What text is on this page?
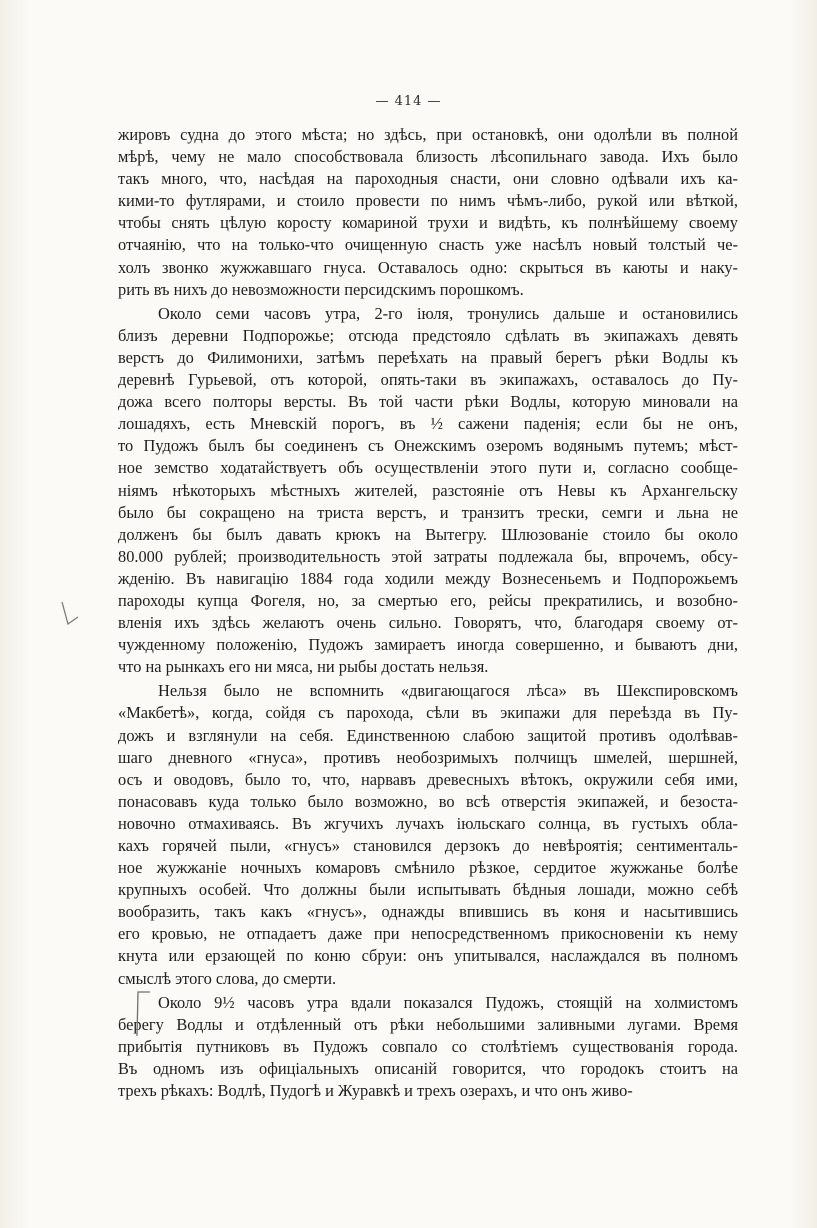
— 414 —
жировъ судна до этого мѣста; но здѣсь, при остановкѣ, они одолѣли въ полной
мѣрѣ, чему не мало способствовала близость лѣсопильнаго завода. Ихъ было
такъ много, что, насѣдая на пароходныя снасти, они словно одѣвали ихъ ка-
кими-то футлярами, и стоило провести по нимъ чѣмъ-либо, рукой или вѣткой,
чтобы снять цѣлую коросту комариной трухи и видѣть, къ полнѣйшему своему
отчаянію, что на только-что очищенную снасть уже насѣлъ новый толстый че-
холъ звонко жужжавшаго гнуса. Оставалось одно: скрыться въ каюты и наку-
рить въ нихъ до невозможности персидскимъ порошкомъ.
Около семи часовъ утра, 2-го іюля, тронулись дальше и остановились
близъ деревни Подпорожье; отсюда предстояло сдѣлать въ экипажахъ девять
верстъ до Филимонихи, затѣмъ переѣхать на правый берегъ рѣки Водлы къ
деревнѣ Гурьевой, отъ которой, опять-таки въ экипажахъ, оставалось до Пу-
дожа всего полторы версты. Въ той части рѣки Водлы, которую миновали на
лошадяхъ, есть Мневскій порогъ, въ ½ сажени паденія; если бы не онъ,
то Пудожъ былъ бы соединенъ съ Онежскимъ озеромъ водянымъ путемъ; мѣст-
ное земство ходатайствуетъ объ осуществленіи этого пути и, согласно сообще-
ніямъ нѣкоторыхъ мѣстныхъ жителей, разстояніе отъ Невы къ Архангельску
было бы сокращено на триста верстъ, и транзитъ трески, семги и льна не
долженъ бы былъ давать крюкъ на Вытегру. Шлюзованіе стоило бы около
80.000 рублей; производительность этой затраты подлежала бы, впрочемъ, обсу-
жденію. Въ навигацію 1884 года ходили между Вознесеньемъ и Подпорожьемъ
пароходы купца Фогеля, но, за смертью его, рейсы прекратились, и возобно-
вленія ихъ здѣсь желаютъ очень сильно. Говорятъ, что, благодаря своему от-
чужденному положенію, Пудожъ замираетъ иногда совершенно, и бываютъ дни,
что на рынкахъ его ни мяса, ни рыбы достать нельзя.
Нельзя было не вспомнить «двигающагося лѣса» въ Шекспировскомъ
«Макбетѣ», когда, сойдя съ парохода, сѣли въ экипажи для переѣзда въ Пу-
дожъ и взглянули на себя. Единственною слабою защитой противъ одолѣвав-
шаго дневного «гнуса», противъ необозримыхъ полчищъ шмелей, шершней,
осъ и оводовъ, было то, что, нарвавъ древесныхъ вѣтокъ, окружили себя ими,
понасовавъ куда только было возможно, во всѣ отверстія экипажей, и безоста-
новочно отмахиваясь. Въ жгучихъ лучахъ іюльскаго солнца, въ густыхъ обла-
кахъ горячей пыли, «гнусъ» становился дерзокъ до невѣроятія; сентименталь-
ное жужжаніе ночныхъ комаровъ смѣнило рѣзкое, сердитое жужжанье болѣе
крупныхъ особей. Что должны были испытывать бѣдныя лошади, можно себѣ
вообразить, такъ какъ «гнусъ», однажды впившись въ коня и насытившись
его кровью, не отпадаетъ даже при непосредственномъ прикосновеніи къ нему
кнута или ерзающей по коню сбруи: онъ упитывался, наслаждался въ полномъ
смыслѣ этого слова, до смерти.
Около 9½ часовъ утра вдали показался Пудожъ, стоящій на холмистомъ
берегу Водлы и отдѣленный отъ рѣки небольшими заливными лугами. Время
прибытія путниковъ въ Пудожъ совпало со столѣтіемъ существованія города.
Въ одномъ изъ офиціальныхъ описаній говорится, что городокъ стоитъ на
трехъ рѣкахъ: Водлѣ, Пудогѣ и Журавкѣ и трехъ озерахъ, и что онъ живо-
